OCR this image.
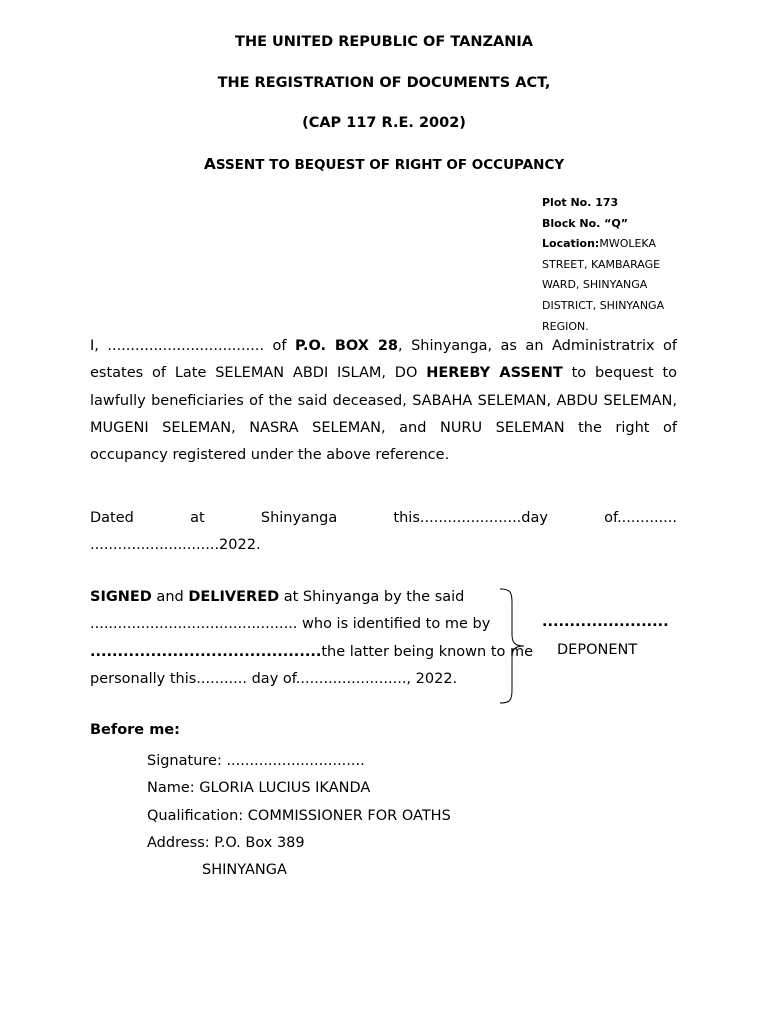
THE UNITED REPUBLIC OF TANZANIA
THE REGISTRATION OF DOCUMENTS ACT,
(CAP 117 R.E. 2002)
ASSENT TO BEQUEST OF RIGHT OF OCCUPANCY
Plot No. 173
Block No. “Q”
Location:MWOLEKA
STREET, KAMBARAGE
WARD, SHINYANGA
DISTRICT, SHINYANGA
REGION.
I, .................................. of P.O. BOX 28, Shinyanga, as an Administratrix of estates of Late SELEMAN ABDI ISLAM, DO HEREBY ASSENT to bequest to lawfully beneficiaries of the said deceased, SABAHA SELEMAN, ABDU SELEMAN, MUGENI SELEMAN, NASRA SELEMAN, and NURU SELEMAN the right of occupancy registered under the above reference.
Dated	at	Shinyanga	this......................day	of.............
............................2022.
SIGNED and DELIVERED at Shinyanga by the said
............................................. who is identified to me by
..........................................the latter being known to me
personally this........... day of........................, 2022.
.......................
DEPONENT
Before me:
Signature: ..............................
Name: GLORIA LUCIUS IKANDA
Qualification: COMMISSIONER FOR OATHS
Address: P.O. Box 389
SHINYANGA
